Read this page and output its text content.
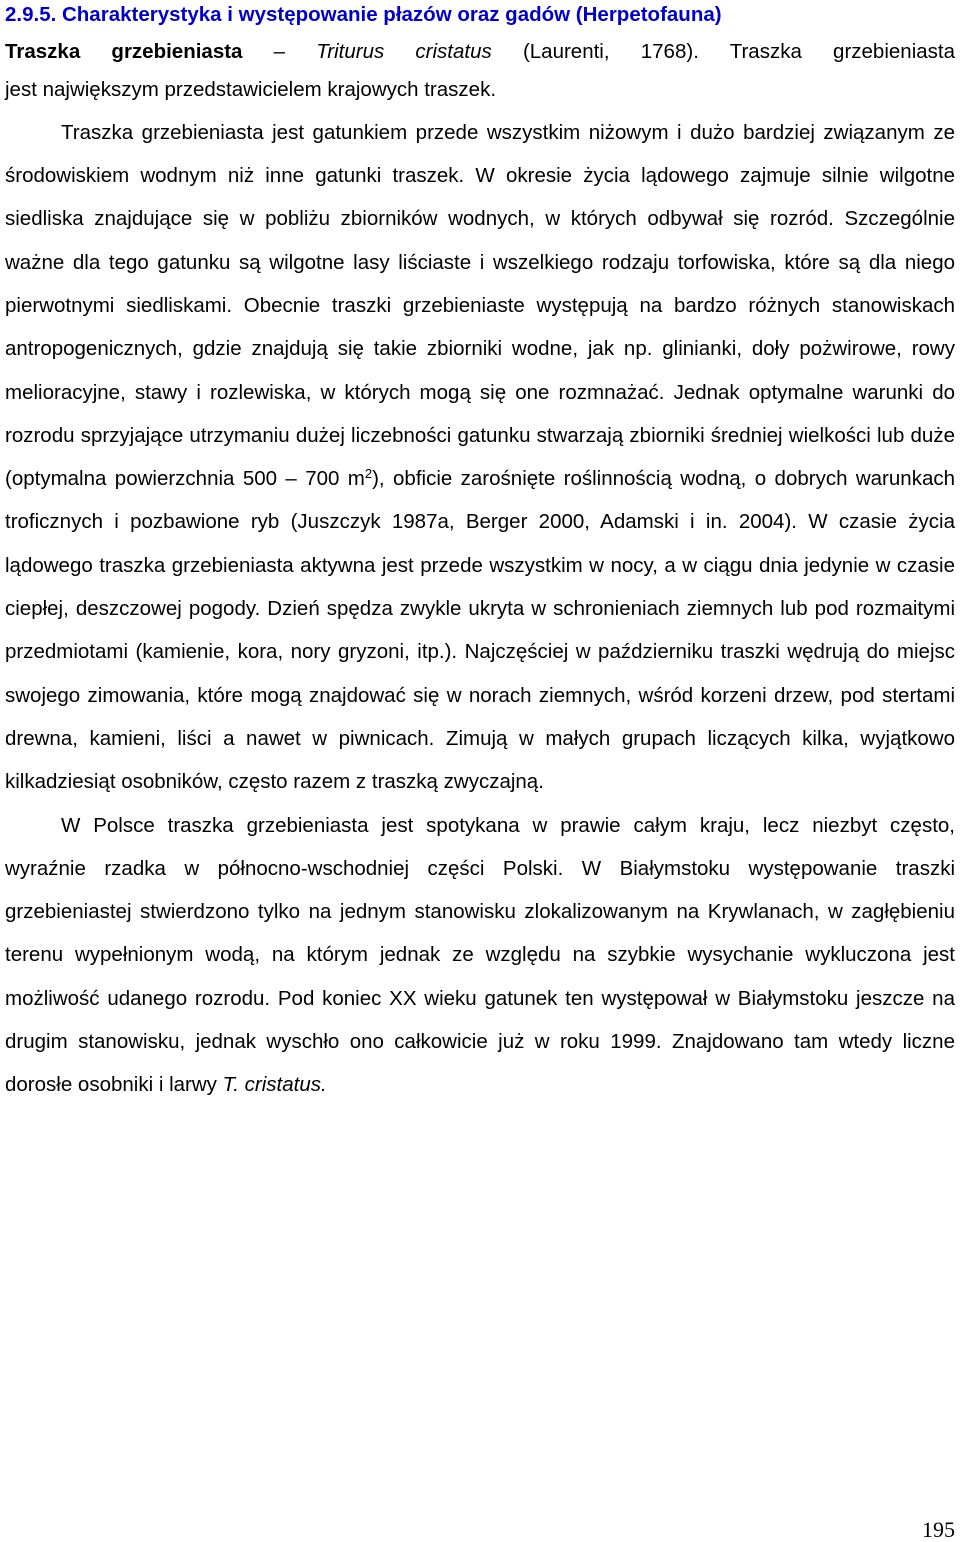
2.9.5. Charakterystyka i występowanie płazów oraz gadów (Herpetofauna)

Traszka grzebieniasta – Triturus cristatus (Laurenti, 1768). Traszka grzebieniasta

jest największym przedstawicielem krajowych traszek.

Traszka grzebieniasta jest gatunkiem przede wszystkim niżowym i dużo bardziej związanym ze środowiskiem wodnym niż inne gatunki traszek. W okresie życia lądowego zajmuje silnie wilgotne siedliska znajdujące się w pobliżu zbiorników wodnych, w których odbywał się rozród. Szczególnie ważne dla tego gatunku są wilgotne lasy liściaste i wszelkiego rodzaju torfowiska, które są dla niego pierwotnymi siedliskami. Obecnie traszki grzebieniaste występują na bardzo różnych stanowiskach antropogenicznych, gdzie znajdują się takie zbiorniki wodne, jak np. glinianki, doły pożwirowe, rowy melioracyjne, stawy i rozlewiska, w których mogą się one rozmnażać. Jednak optymalne warunki do rozrodu sprzyjające utrzymaniu dużej liczebności gatunku stwarzają zbiorniki średniej wielkości lub duże (optymalna powierzchnia 500 – 700 $m^2$), obficie zarośnięte roślinnością wodną, o dobrych warunkach troficznych i pozbawione ryb (Juszczyk 1987a, Berger 2000, Adamski i in. 2004). W czasie życia lądowego traszka grzebieniasta aktywna jest przede wszystkim w nocy, a w ciągu dnia jedynie w czasie ciepłej, deszczowej pogody. Dzień spędza zwykle ukryta w schronieniach ziemnych lub pod rozmaitymi przedmiotami (kamienie, kora, nory gryzoni, itp.). Najczęściej w październiku traszki wędrują do miejsc swojego zimowania, które mogą znajdować się w norach ziemnych, wśród korzeni drzew, pod stertami drewna, kamieni, liści a nawet w piwnicach. Zimują w małych grupach liczących kilka, wyjątkowo kilkadziesiąt osobników, często razem z traszką zwyczajną.

W Polsce traszka grzebieniasta jest spotykana w prawie całym kraju, lecz niezbyt często, wyraźnie rzadka w północno-wschodniej części Polski. W Białymstoku występowanie traszki grzebieniastej stwierdzono tylko na jednym stanowisku zlokalizowanym na Krywlanach, w zagłębieniu terenu wypełnionym wodą, na którym jednak ze względu na szybkie wysychanie wykluczona jest możliwość udanego rozrodu. Pod koniec XX wieku gatunek ten występował w Białymstoku jeszcze na drugim stanowisku, jednak wyschło ono całkowicie już w roku 1999. Znajdowano tam wtedy liczne dorosłe osobniki i larwy T. cristatus.

195
